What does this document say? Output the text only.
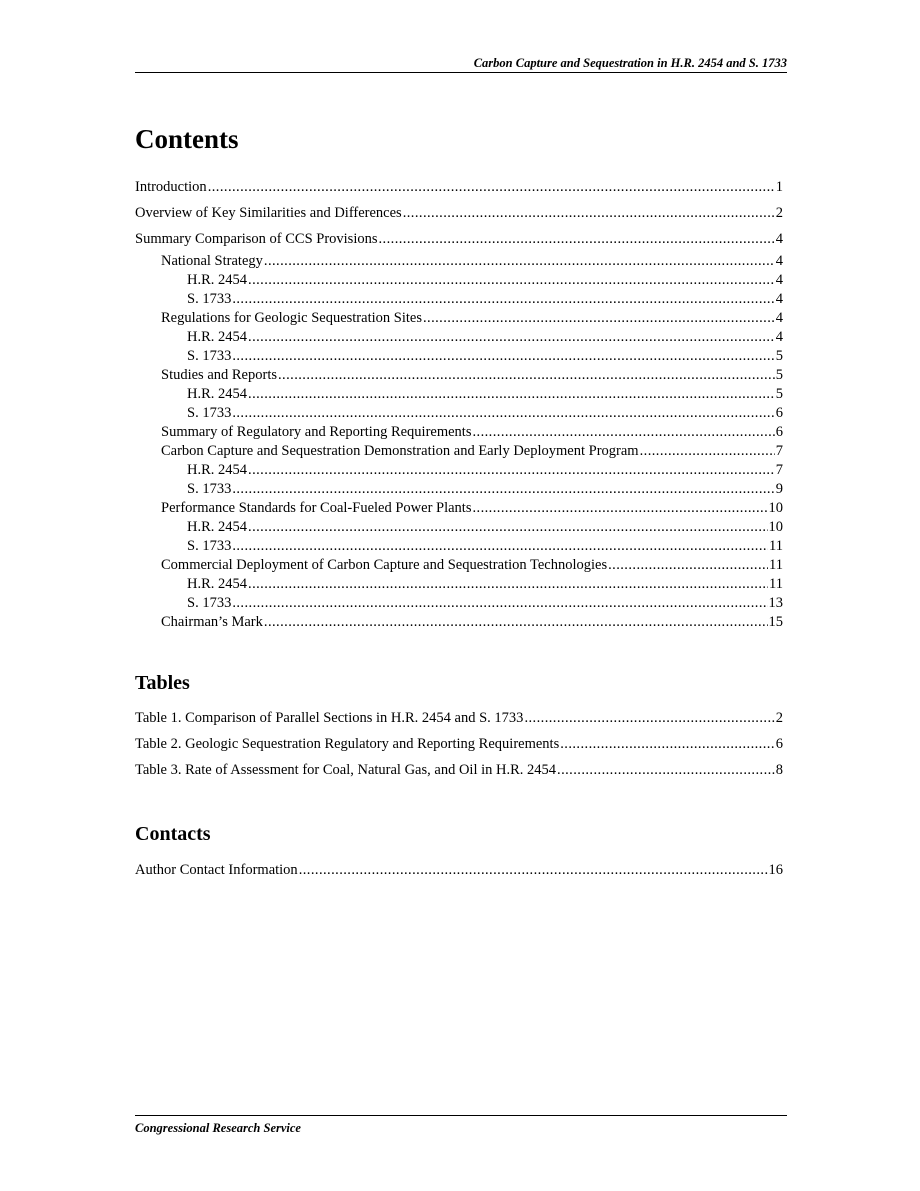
Carbon Capture and Sequestration in H.R. 2454 and S. 1733
Contents
Introduction . . .	1
Overview of Key Similarities and Differences . . .	2
Summary Comparison of CCS Provisions . . .	4
National Strategy . . .	4
H.R. 2454 . . .	4
S. 1733 . . .	4
Regulations for Geologic Sequestration Sites . . .	4
H.R. 2454 . . .	4
S. 1733 . . .	5
Studies and Reports . . .	5
H.R. 2454 . . .	5
S. 1733 . . .	6
Summary of Regulatory and Reporting Requirements . . .	6
Carbon Capture and Sequestration Demonstration and Early Deployment Program . . .	7
H.R. 2454 . . .	7
S. 1733 . . .	9
Performance Standards for Coal-Fueled Power Plants . . .	10
H.R. 2454 . . .	10
S. 1733 . . .	11
Commercial Deployment of Carbon Capture and Sequestration Technologies . . .	11
H.R. 2454 . . .	11
S. 1733 . . .	13
Chairman’s Mark . . .	15
Tables
Table 1. Comparison of Parallel Sections in H.R. 2454 and S. 1733 . . .	2
Table 2. Geologic Sequestration Regulatory and Reporting Requirements . . .	6
Table 3. Rate of Assessment for Coal, Natural Gas, and Oil in H.R. 2454 . . .	8
Contacts
Author Contact Information . . .	16
Congressional Research Service
